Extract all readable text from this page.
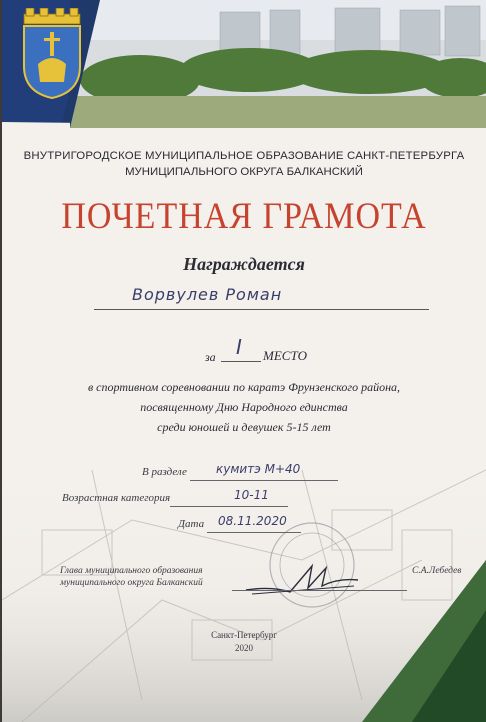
ВНУТРИГОРОДСКОЕ МУНИЦИПАЛЬНОЕ ОБРАЗОВАНИЕ САНКТ-ПЕТЕРБУРГА
МУНИЦИПАЛЬНОГО ОКРУГА БАЛКАНСКИЙ
ПОЧЕТНАЯ ГРАМОТА
Награждается
Ворвулев Роман
за I МЕСТО
в спортивном соревновании по каратэ Фрунзенского района,
посвященному Дню Народного единства
среди юношей и девушек 5-15 лет
В разделе кумитэ М+40
Возрастная категория	10-11
Дата 08.11.2020
Глава муниципального образования
муниципального округа Балканский
С.А.Лебедев
Санкт-Петербург
2020
